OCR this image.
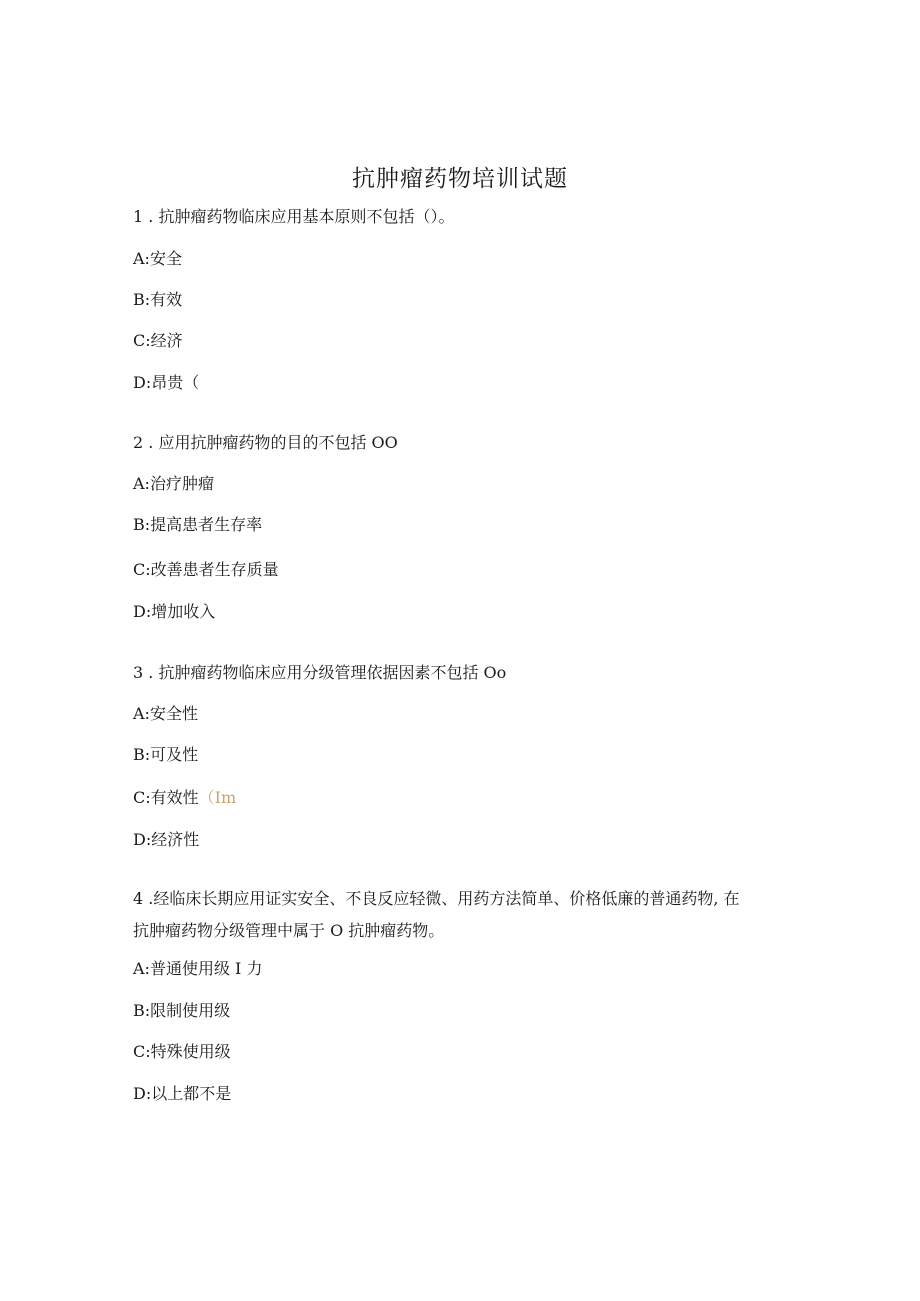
抗肿瘤药物培训试题
1 . 抗肿瘤药物临床应用基本原则不包括（）。
A:安全
B:有效
C:经济
D:昂贵（
2 . 应用抗肿瘤药物的目的不包括 OO
A:治疗肿瘤
B:提高患者生存率
C:改善患者生存质量
D:增加收入
3 . 抗肿瘤药物临床应用分级管理依据因素不包括 Oo
A:安全性
B:可及性
C:有效性（Im
D:经济性
4 .经临床长期应用证实安全、不良反应轻微、用药方法简单、价格低廉的普通药物, 在
抗肿瘤药物分级管理中属于 O 抗肿瘤药物。
A:普通使用级 I 力
B:限制使用级
C:特殊使用级
D:以上都不是
